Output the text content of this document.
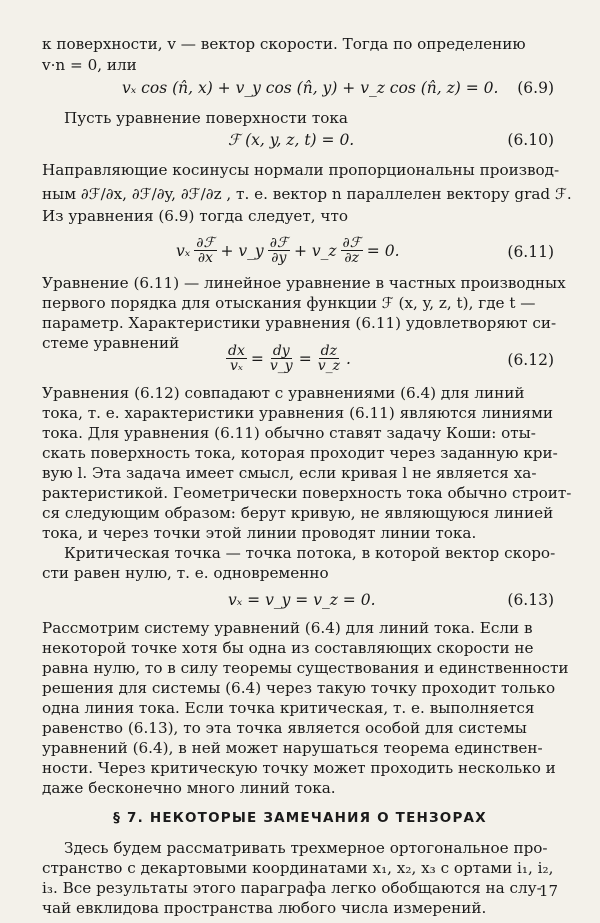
к поверхности, v — вектор скорости. Тогда по определению
v·n = 0, или
vₓ cos (n̂, x) + v_y cos (n̂, y) + v_z cos (n̂, z) = 0. (6.9)
Пусть уравнение поверхности тока
ℱ (x, y, z, t) = 0.	(6.10)
Направляющие косинусы нормали пропорциональны производ-
ным ∂ℱ/∂x, ∂ℱ/∂y, ∂ℱ/∂z , т. е. вектор n параллелен вектору grad ℱ.
Из уравнения (6.9) тогда следует, что
vₓ ∂ℱ
∂x + v_y ∂ℱ
∂y + v_z ∂ℱ
∂z = 0.	(6.11)
Уравнение (6.11) — линейное уравнение в частных производных
первого порядка для отыскания функции ℱ (x, y, z, t), где t —
параметр. Характеристики уравнения (6.11) удовлетворяют си-
стеме уравнений
$\frac{dx}{\text{vₓ}} = \frac{dy}{v\_y} = \frac{dz}{v\_z}$ .	(6.12)
Уравнения (6.12) совпадают с уравнениями (6.4) для линий
тока, т. е. характеристики уравнения (6.11) являются линиями
тока. Для уравнения (6.11) обычно ставят задачу Коши: оты-
скать поверхность тока, которая проходит через заданную кри-
вую l. Эта задача имеет смысл, если кривая l не является ха-
рактеристикой. Геометрически поверхность тока обычно строит-
ся следующим образом: берут кривую, не являющуюся линией
тока, и через точки этой линии проводят линии тока.
Критическая точка — точка потока, в которой вектор скоро-
сти равен нулю, т. е. одновременно
vₓ = v_y = v_z = 0.	(6.13)
Рассмотрим систему уравнений (6.4) для линий тока. Если в
некоторой точке хотя бы одна из составляющих скорости не
равна нулю, то в силу теоремы существования и единственности
решения для системы (6.4) через такую точку проходит только
одна линия тока. Если точка критическая, т. е. выполняется
равенство (6.13), то эта точка является особой для системы
уравнений (6.4), в ней может нарушаться теорема единствен-
ности. Через критическую точку может проходить несколько и
даже бесконечно много линий тока.
§ 7. НЕКОТОРЫЕ ЗАМЕЧАНИЯ О ТЕНЗОРАХ
Здесь будем рассматривать трехмерное ортогональное про-
странство с декартовыми координатами x₁, x₂, x₃ с ортами i₁, i₂,
i₃. Все результаты этого параграфа легко обобщаются на слу-
чай евклидова пространства любого числа измерений.
17
